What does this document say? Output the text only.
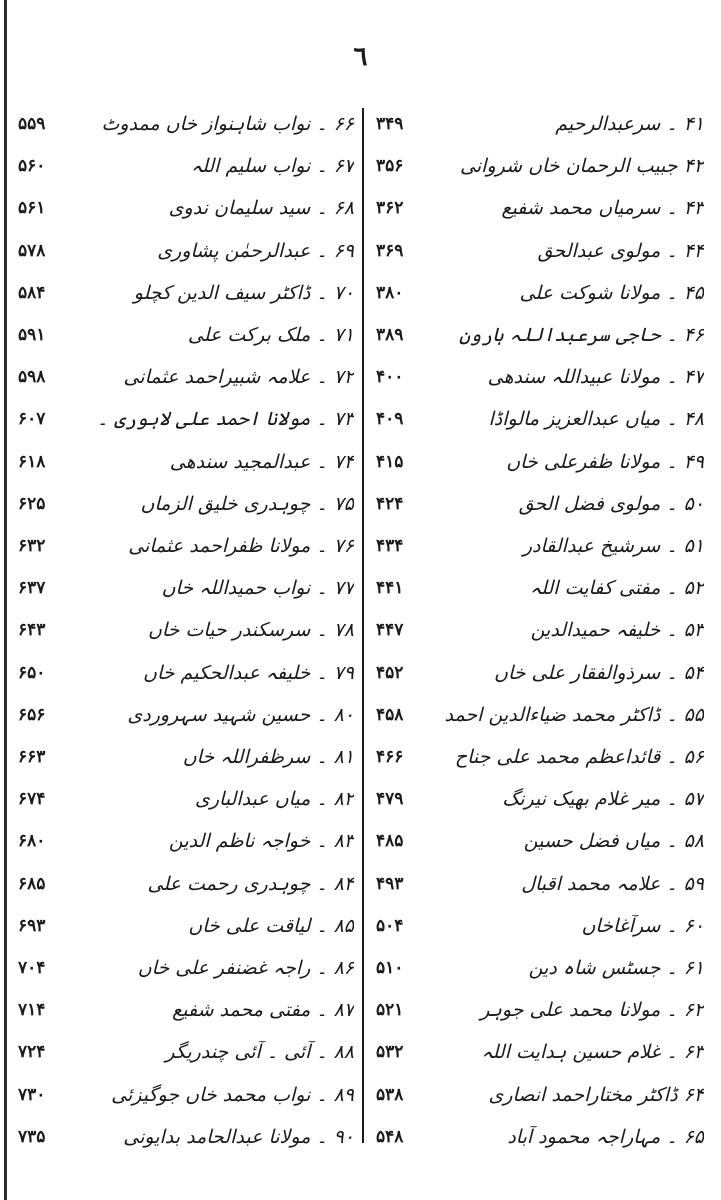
٦
۴۱ ۔ سرعبدالرحیم
۳۴۹
۴۲ جبیب الرحمان خاں شروانی
۳۵۶
۴۳ ۔ سرمیاں محمد شفیع
۳۶۲
۴۴ ۔ مولوی عبدالحق
۳۶۹
۴۵ ۔ مولانا شوکت علی
۳۸۰
۴۶ ۔ حاجی سرعبداللہ ہارون
۳۸۹
۴۷ ۔ مولانا عبیداللہ سندھی
۴۰۰
۴۸ ۔ میاں عبدالعزیز مالواڈا
۴۰۹
۴۹ ۔ مولانا ظفرعلی خاں
۴۱۵
۵۰ ۔ مولوی فضل الحق
۴۲۴
۵۱ ۔ سرشیخ عبدالقادر
۴۳۴
۵۲ ۔ مفتی کفایت اللہ
۴۴۱
۵۳ ۔ خلیفہ حمیدالدین
۴۴۷
۵۴ ۔ سرذوالفقار علی خاں
۴۵۲
۵۵ ۔ ڈاکٹر محمد ضیاءالدین احمد
۴۵۸
۵۶ ۔ قائداعظم محمد علی جناح
۴۶۶
۵۷ ۔ میر غلام بھیک نیرنگ
۴۷۹
۵۸ ۔ میاں فضل حسین
۴۸۵
۵۹ ۔ علامہ محمد اقبال
۴۹۳
۶۰ ۔ سرآغاخاں
۵۰۴
۶۱ ۔ جسٹس شاہ دین
۵۱۰
۶۲ ۔ مولانا محمد علی جوہر
۵۲۱
۶۳ ۔ غلام حسین ہدایت اللہ
۵۳۲
۶۴ ڈاکٹر مختاراحمد انصاری
۵۳۸
۶۵ ۔ مہاراجہ محمود آباد
۵۴۸
۶۶ ۔ نواب شاہنواز خاں ممدوٹ
۵۵۹
۶۷ ۔ نواب سلیم اللہ
۵۶۰
۶۸ ۔ سید سلیمان ندوی
۵۶۱
۶۹ ۔ عبدالرحمٰن پشاوری
۵۷۸
۷۰ ۔ ڈاکٹر سیف الدین کچلو
۵۸۴
۷۱ ۔ ملک برکت علی
۵۹۱
۷۲ ۔ علامہ شبیراحمد عثمانی
۵۹۸
۷۳ ۔ مولانا احمد علی لاہوری ۔
۶۰۷
۷۴ ۔ عبدالمجید سندھی
۶۱۸
۷۵ ۔ چوہدری خلیق الزماں
۶۲۵
۷۶ ۔ مولانا ظفراحمد عثمانی
۶۳۲
۷۷ ۔ نواب حمیداللہ خاں
۶۳۷
۷۸ ۔ سرسکندر حیات خاں
۶۴۳
۷۹ ۔ خلیفہ عبدالحکیم خاں
۶۵۰
۸۰ ۔ حسین شہید سہروردی
۶۵۶
۸۱ ۔ سرظفراللہ خاں
۶۶۳
۸۲ ۔ میاں عبدالباری
۶۷۴
۸۳ ۔ خواجہ ناظم الدین
۶۸۰
۸۴ ۔ چوہدری رحمت علی
۶۸۵
۸۵ ۔ لیاقت علی خاں
۶۹۳
۸۶ ۔ راجہ غضنفر علی خاں
۷۰۴
۸۷ ۔ مفتی محمد شفیع
۷۱۴
۸۸ ۔ آئی ۔ آئی چندریگر
۷۲۴
۸۹ ۔ نواب محمد خاں جوگیزئی
۷۳۰
۹۰ ۔ مولانا عبدالحامد بدایونی
۷۳۵
